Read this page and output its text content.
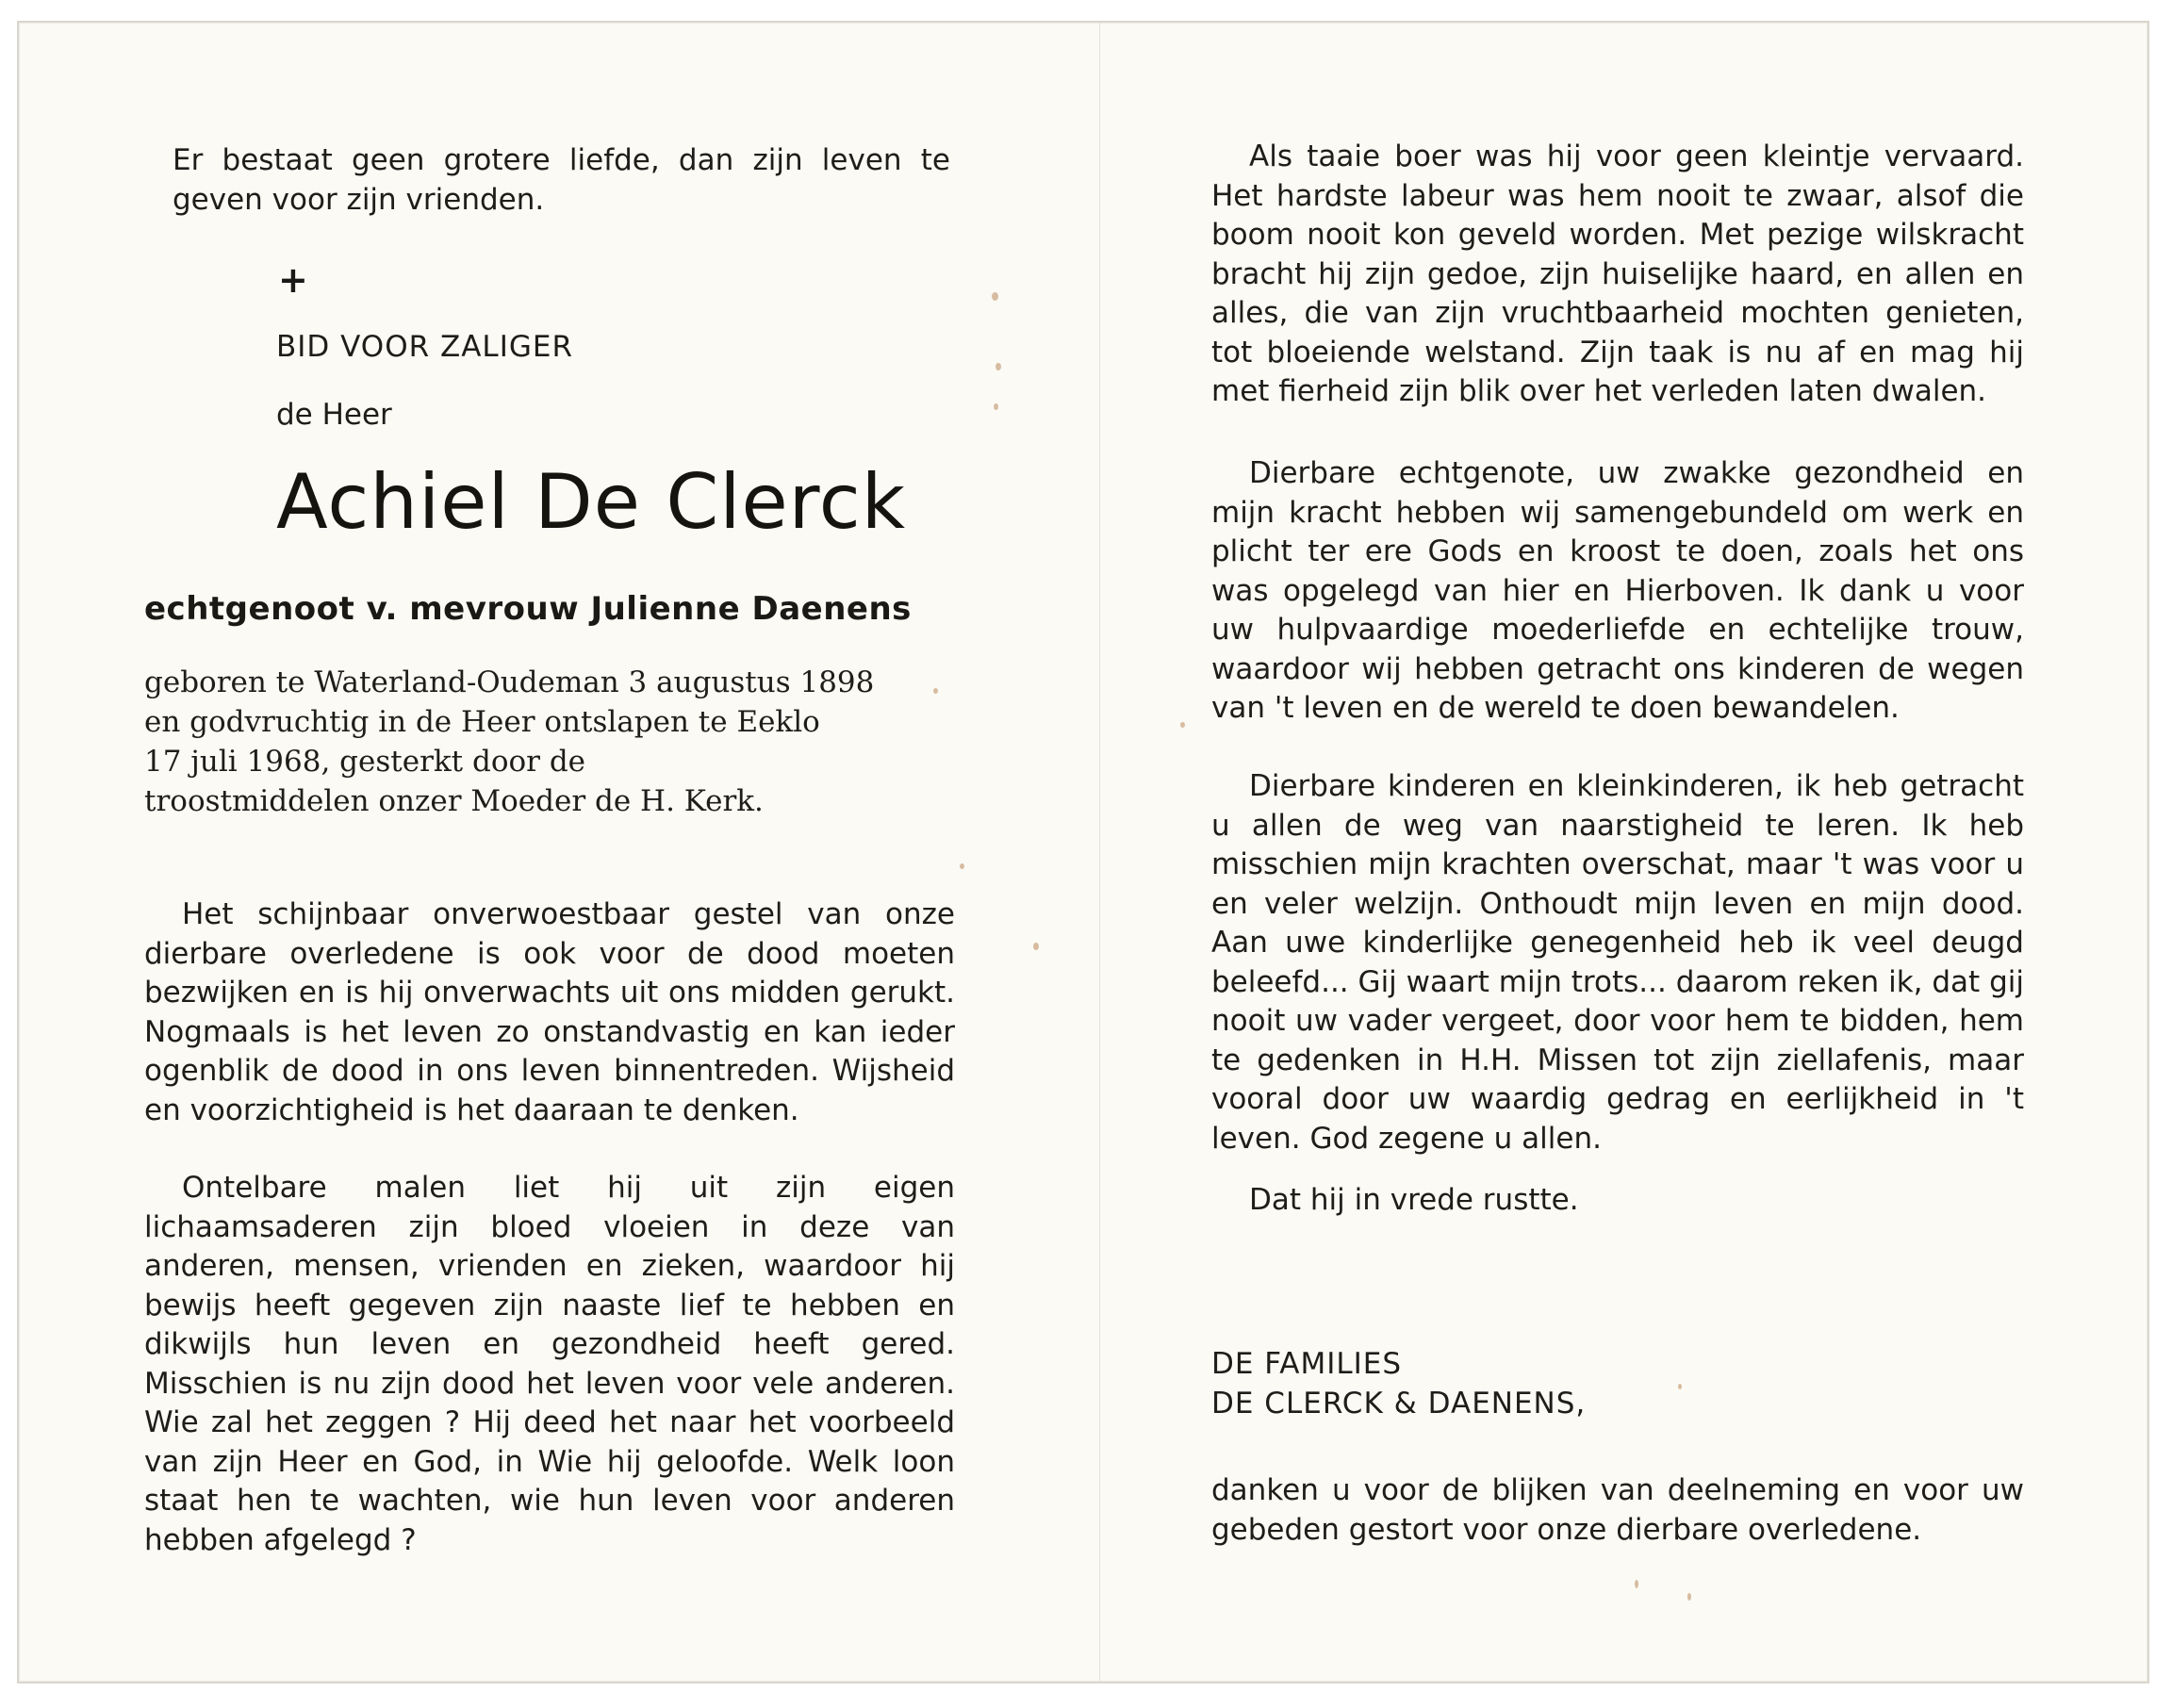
Er bestaat geen grotere liefde, dan zijn leven te geven voor zijn vrienden.

+
BID VOOR ZALIGER
de Heer
Achiel De Clerck
echtgenoot v. mevrouw Julienne Daenens

geboren te Waterland-Oudeman 3 augustus 1898
en godvruchtig in de Heer ontslapen te Eeklo
17 juli 1968, gesterkt door de
troostmiddelen onzer Moeder de H. Kerk.

Het schijnbaar onverwoestbaar gestel van onze dierbare overledene is ook voor de dood moeten bezwijken en is hij onverwachts uit ons midden gerukt. Nogmaals is het leven zo onstandvastig en kan ieder ogenblik de dood in ons leven binnentreden. Wijsheid en voorzichtigheid is het daaraan te denken.

Ontelbare malen liet hij uit zijn eigen lichaamsaderen zijn bloed vloeien in deze van anderen, mensen, vrienden en zieken, waardoor hij bewijs heeft gegeven zijn naaste lief te hebben en dikwijls hun leven en gezondheid heeft gered. Misschien is nu zijn dood het leven voor vele anderen. Wie zal het zeggen ? Hij deed het naar het voorbeeld van zijn Heer en God, in Wie hij geloofde. Welk loon staat hen te wachten, wie hun leven voor anderen hebben afgelegd ?

Als taaie boer was hij voor geen kleintje vervaard. Het hardste labeur was hem nooit te zwaar, alsof die boom nooit kon geveld worden. Met pezige wilskracht bracht hij zijn gedoe, zijn huiselijke haard, en allen en alles, die van zijn vruchtbaarheid mochten genieten, tot bloeiende welstand. Zijn taak is nu af en mag hij met fierheid zijn blik over het verleden laten dwalen.

Dierbare echtgenote, uw zwakke gezondheid en mijn kracht hebben wij samengebundeld om werk en plicht ter ere Gods en kroost te doen, zoals het ons was opgelegd van hier en Hierboven. Ik dank u voor uw hulpvaardige moederliefde en echtelijke trouw, waardoor wij hebben getracht ons kinderen de wegen van 't leven en de wereld te doen bewandelen.

Dierbare kinderen en kleinkinderen, ik heb getracht u allen de weg van naarstigheid te leren. Ik heb misschien mijn krachten overschat, maar 't was voor u en veler welzijn. Onthoudt mijn leven en mijn dood. Aan uwe kinderlijke genegenheid heb ik veel deugd beleefd... Gij waart mijn trots... daarom reken ik, dat gij nooit uw vader vergeet, door voor hem te bidden, hem te gedenken in H.H. Missen tot zijn ziellafenis, maar vooral door uw waardig gedrag en eerlijkheid in 't leven. God zegene u allen.

Dat hij in vrede rustte.
DE FAMILIES
DE CLERCK & DAENENS,

danken u voor de blijken van deelneming en voor uw gebeden gestort voor onze dierbare overledene.
